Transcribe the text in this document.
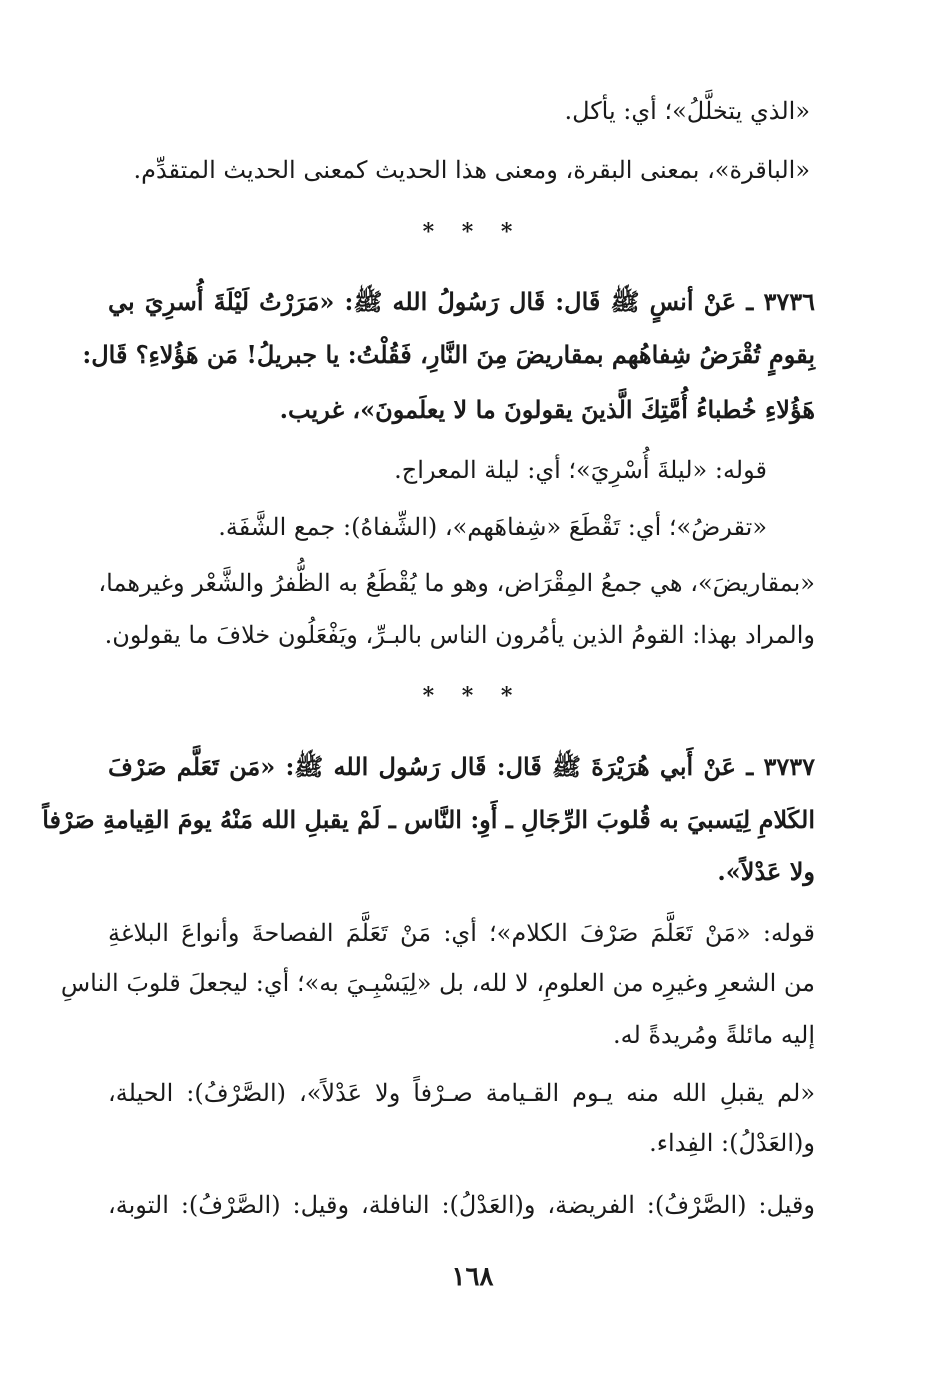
«الذي يتخلَّلُ»؛ أي: يأكل.
«الباقرة»، بمعنى البقرة، ومعنى هذا الحديث كمعنى الحديث المتقدِّم.
* * *
٣٧٣٦ ـ عَنْ أنسٍ ﷺ قَال: قَال رَسُولُ الله ﷺ: «مَرَرْتُ لَيْلَةَ أُسرِيَ بي
بِقومٍ تُقْرَضُ شِفاهُهم بمقاريضَ مِنَ النَّارِ، فَقُلْتُ: يا جبريلُ! مَن هَؤُلاءِ؟ قَال:
هَؤُلاءِ خُطباءُ أُمَّتِكَ الَّذينَ يقولونَ ما لا يعلَمونَ»، غريب.
قوله: «ليلةَ أُسْرِيَ»؛ أي: ليلة المعراج.
«تقرضُ»؛ أي: تَقْطَعَ «شِفاهَهم»، (الشِّفاهُ): جمع الشَّفَة.
«بمقاريضَ»، هي جمعُ المِقْرَاض، وهو ما يُقْطَعُ به الظُّفرُ والشَّعْر وغيرهما،
والمراد بهذا: القومُ الذين يأمُرون الناس بالبـرِّ، ويَفْعَلُون خلافَ ما يقولون.
* * *
٣٧٣٧ ـ عَنْ أَبي هُرَيْرَةَ ﷺ قَال: قَال رَسُول الله ﷺ: «مَن تَعَلَّم صَرْفَ
الكَلامِ لِيَسبيَ به قُلوبَ الرِّجَالِ ـ أَوِ: النَّاس ـ لَمْ يقبلِ الله مَنْهُ يومَ القِيامةِ صَرْفاً
ولا عَدْلاً».
قوله: «مَنْ تَعَلَّمَ صَرْفَ الكلام»؛ أي: مَنْ تَعَلَّمَ الفصاحةَ وأنواعَ البلاغةِ
من الشعرِ وغيرِه من العلومِ، لا لله، بل «لِيَسْبِـيَ به»؛ أي: ليجعلَ قلوبَ الناسِ
إليه مائلةً ومُريدةً له.
«لم يقبلِ الله منه يـوم القـيامة صـرْفاً ولا عَدْلاً»، (الصَّرْفُ): الحيلة،
و(العَدْلُ): الفِداء.
وقيل: (الصَّرْفُ): الفريضة، و(العَدْلُ): النافلة، وقيل: (الصَّرْفُ): التوبة،
١٦٨
